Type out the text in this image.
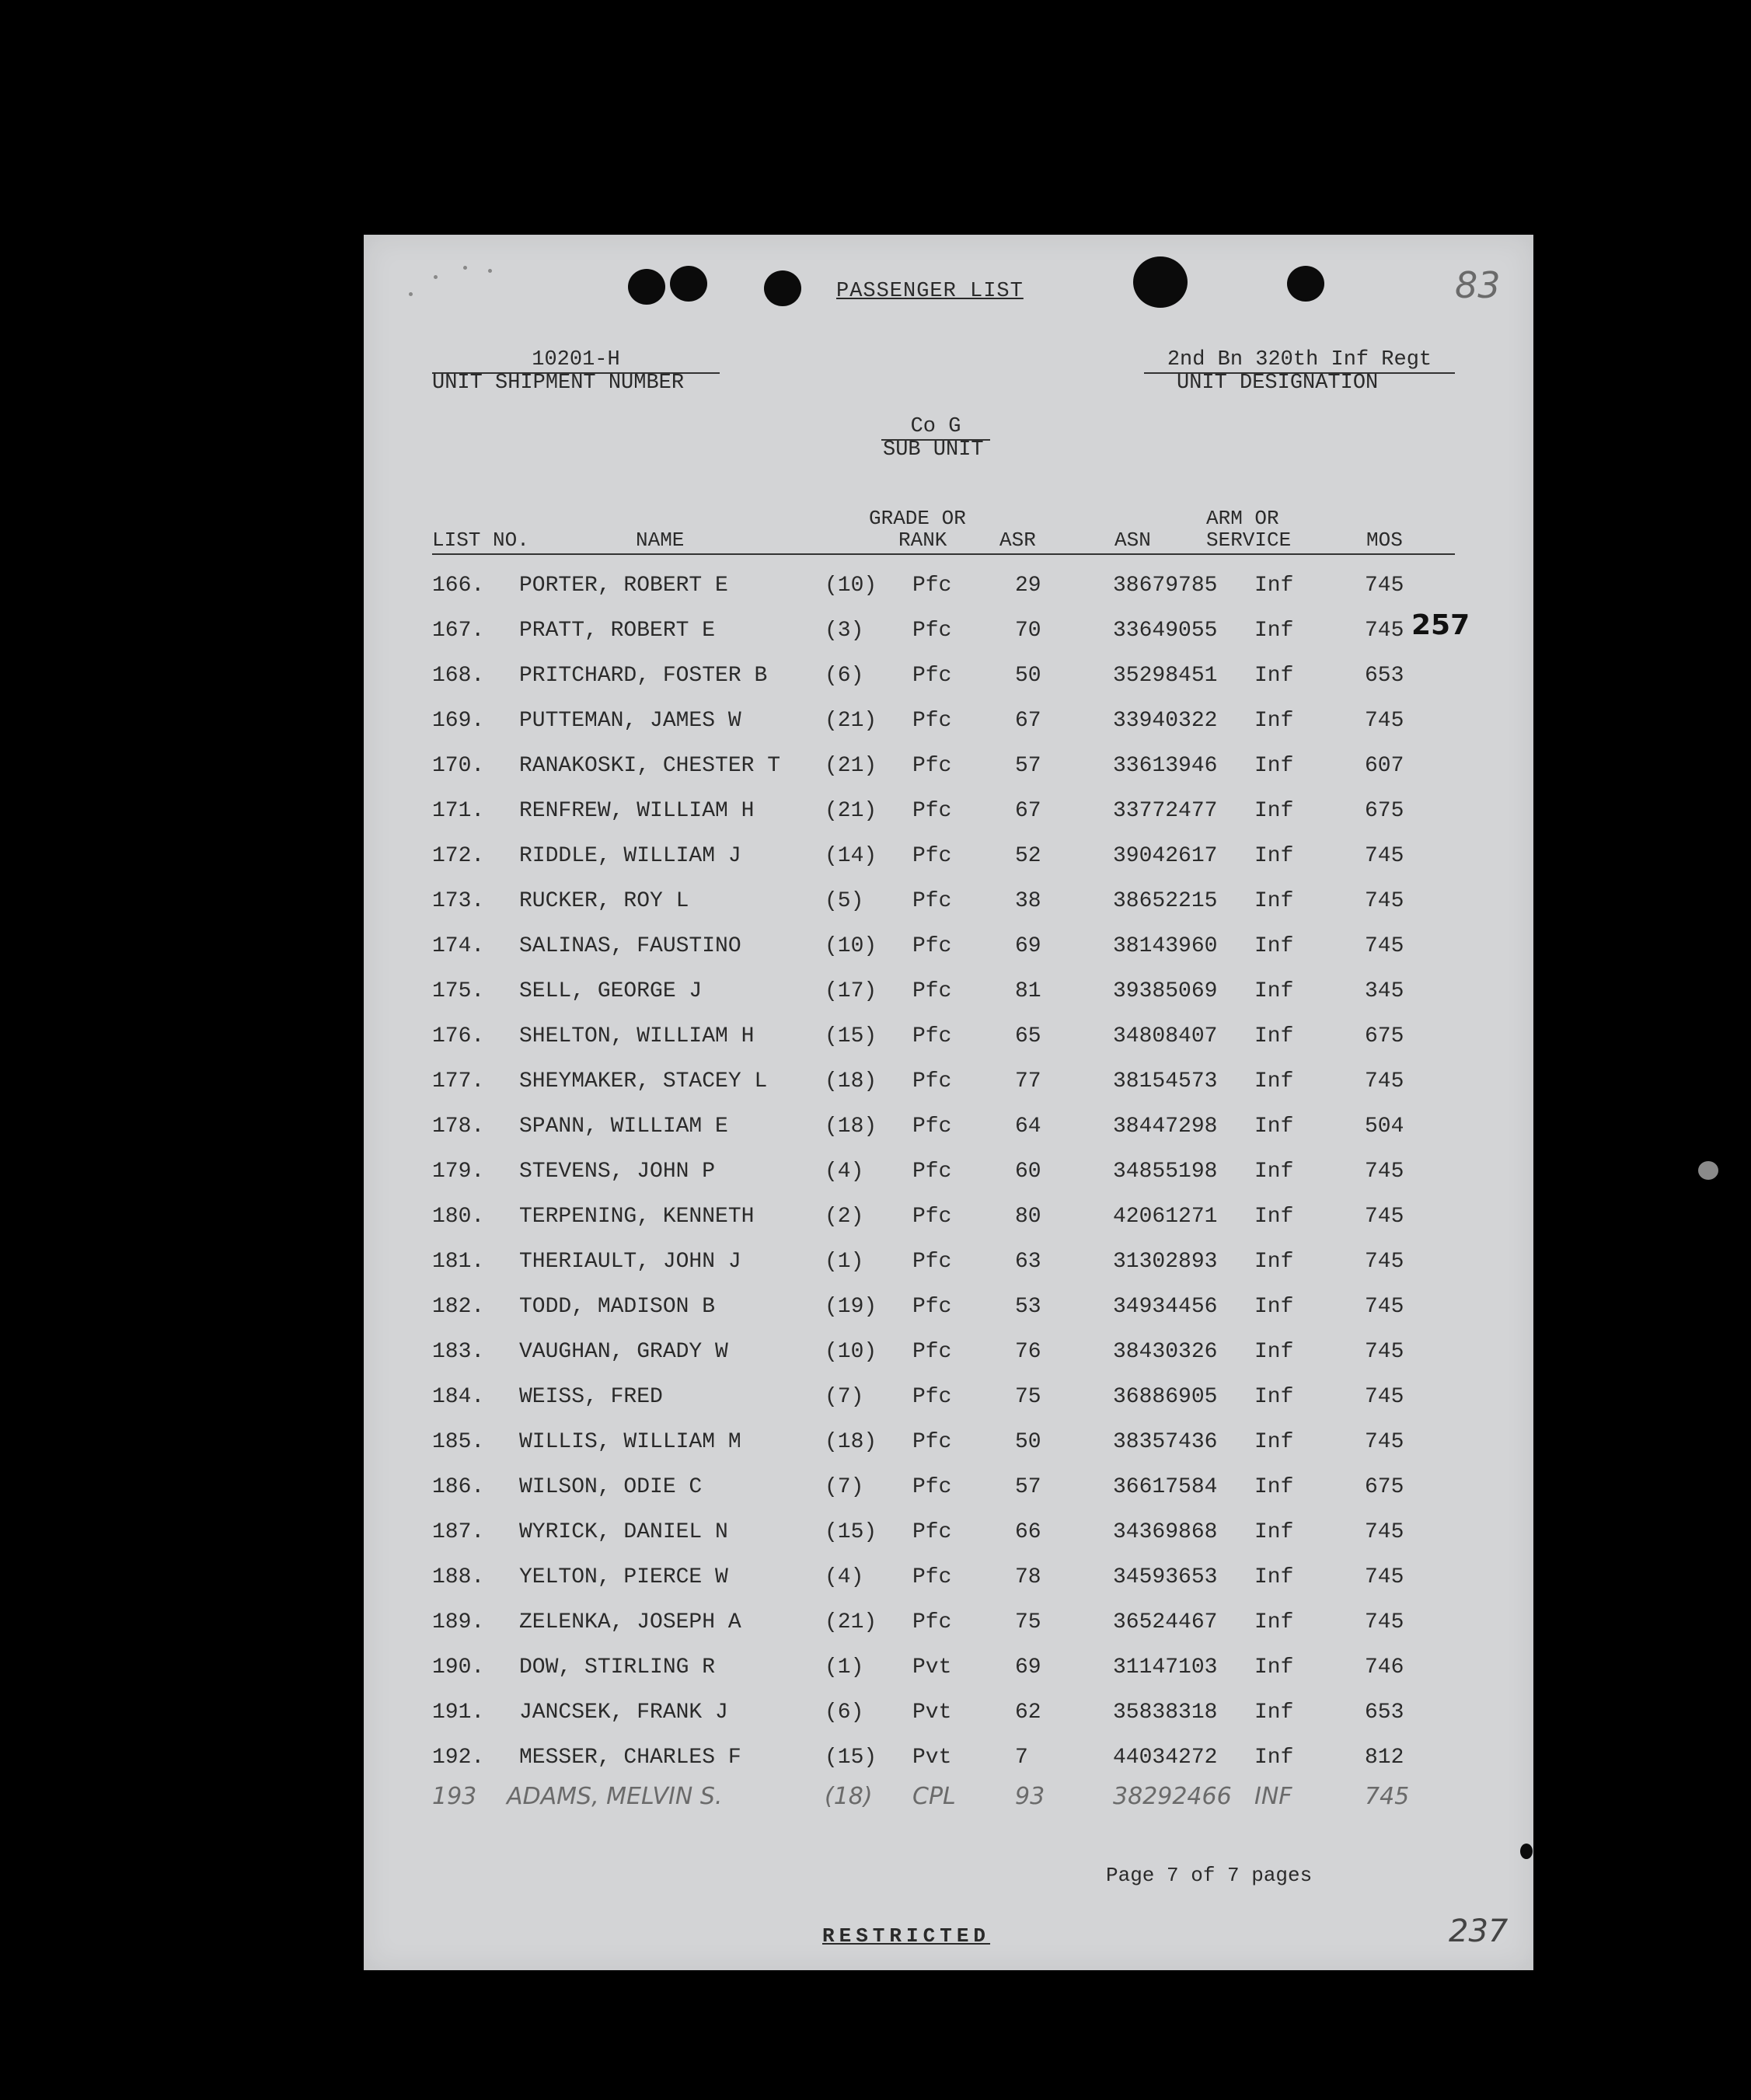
PASSENGER LIST	83
10201-H
UNIT SHIPMENT NUMBER
2nd Bn 320th Inf Regt
UNIT DESIGNATION
Co G
SUB UNIT
LIST NO.	NAME
GRADE OR
RANK	ASR	ASN
ARM OR
SERVICE	MOS
166. PORTER, ROBERT E	(10) Pfc	29	38679785 Inf	745
167. PRATT, ROBERT E	(3) Pfc	70	33649055 Inf	745
168. PRITCHARD, FOSTER B	(6) Pfc	50	35298451 Inf	653
169. PUTTEMAN, JAMES W	(21) Pfc	67	33940322 Inf	745
170. RANAKOSKI, CHESTER T (21) Pfc	57	33613946 Inf	607
171. RENFREW, WILLIAM H	(21) Pfc	67	33772477 Inf	675
172. RIDDLE, WILLIAM J	(14) Pfc	52	39042617 Inf	745
173. RUCKER, ROY L	(5) Pfc	38	38652215 Inf	745
174. SALINAS, FAUSTINO	(10) Pfc	69	38143960 Inf	745
175. SELL, GEORGE J	(17) Pfc	81	39385069 Inf	345
176. SHELTON, WILLIAM H	(15) Pfc	65	34808407 Inf	675
177. SHEYMAKER, STACEY L	(18) Pfc	77	38154573 Inf	745
178. SPANN, WILLIAM E	(18) Pfc	64	38447298 Inf	504
179. STEVENS, JOHN P	(4) Pfc	60	34855198 Inf	745
180. TERPENING, KENNETH	(2) Pfc	80	42061271 Inf	745
181. THERIAULT, JOHN J	(1) Pfc	63	31302893 Inf	745
182. TODD, MADISON B	(19) Pfc	53	34934456 Inf	745
183. VAUGHAN, GRADY W	(10) Pfc	76	38430326 Inf	745
184. WEISS, FRED	(7) Pfc	75	36886905 Inf	745
185. WILLIS, WILLIAM M	(18) Pfc	50	38357436 Inf	745
186. WILSON, ODIE C	(7) Pfc	57	36617584 Inf	675
187. WYRICK, DANIEL N	(15) Pfc	66	34369868 Inf	745
188. YELTON, PIERCE W	(4) Pfc	78	34593653 Inf	745
189. ZELENKA, JOSEPH A	(21) Pfc	75	36524467 Inf	745
190. DOW, STIRLING R	(1) Pvt	69	31147103 Inf	746
191. JANCSEK, FRANK J	(6) Pvt	62	35838318 Inf	653
192. MESSER, CHARLES F	(15) Pvt	7	44034272 Inf	812
193 ADAMS, MELVIN S.	(18) CPL	93	38292466 INF	745
257
Page 7 of 7 pages
RESTRICTED	237
